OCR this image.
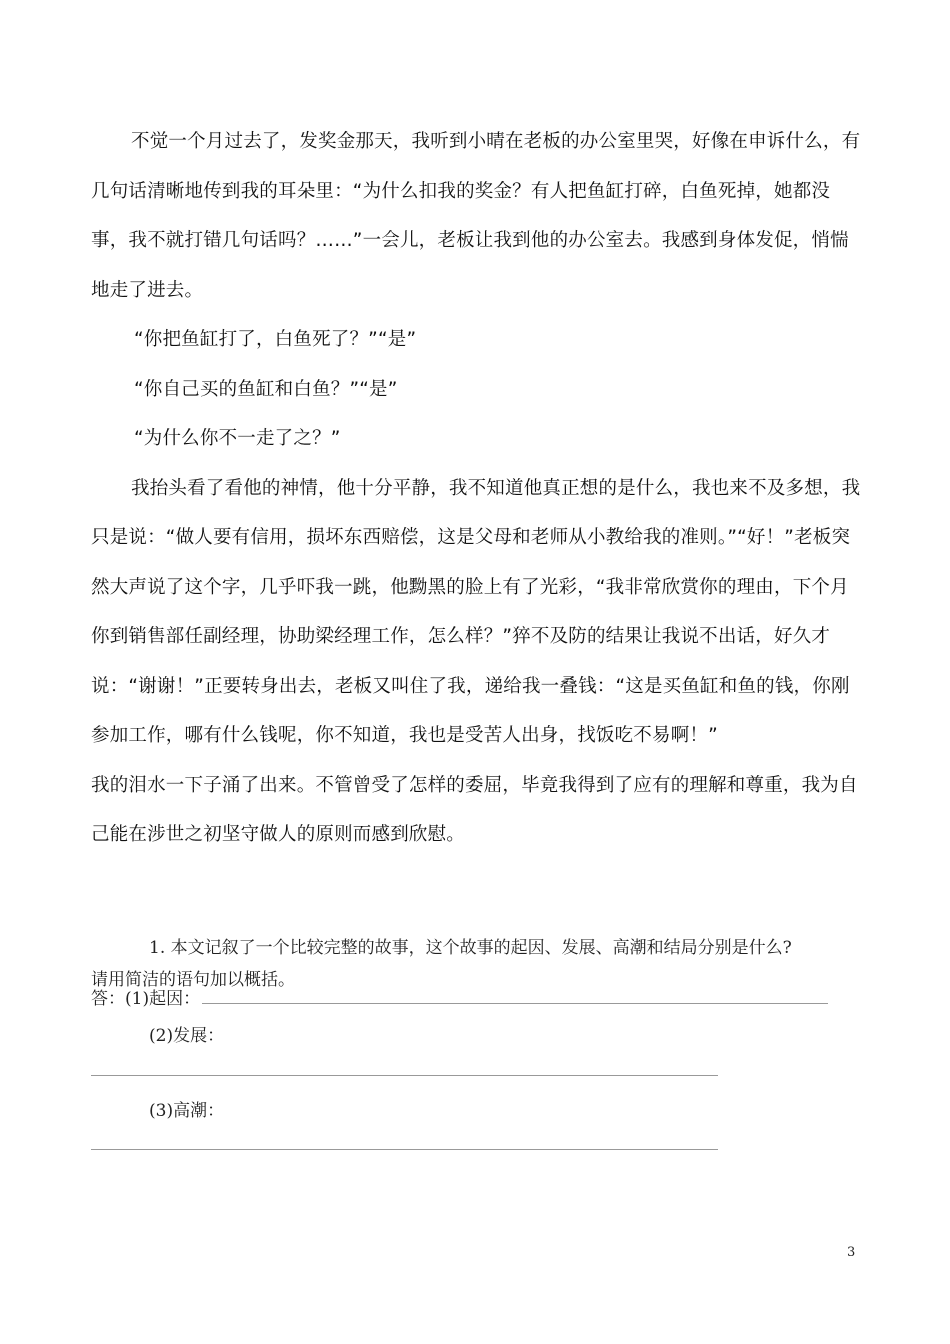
不觉一个月过去了，发奖金那天，我听到小晴在老板的办公室里哭，好像在申诉什么，有几句话清晰地传到我的耳朵里：“为什么扣我的奖金？有人把鱼缸打碎，白鱼死掉，她都没事，我不就打错几句话吗？……”一会儿，老板让我到他的办公室去。我感到身体发促，悄惴地走了进去。

“你把鱼缸打了，白鱼死了？”“是”

“你自己买的鱼缸和白鱼？”“是”

“为什么你不一走了之？”

我抬头看了看他的神情，他十分平静，我不知道他真正想的是什么，我也来不及多想，我只是说：“做人要有信用，损坏东西赔偿，这是父母和老师从小教给我的准则。”“好！”老板突然大声说了这个字，几乎吓我一跳，他黝黑的脸上有了光彩，“我非常欣赏你的理由，下个月你到销售部任副经理，协助梁经理工作，怎么样？”猝不及防的结果让我说不出话，好久才说：“谢谢！”正要转身出去，老板又叫住了我，递给我一叠钱：“这是买鱼缸和鱼的钱，你刚参加工作，哪有什么钱呢，你不知道，我也是受苦人出身，找饭吃不易啊！”

我的泪水一下子涌了出来。不管曾受了怎样的委屈，毕竟我得到了应有的理解和尊重，我为自己能在涉世之初坚守做人的原则而感到欣慰。

1. 本文记叙了一个比较完整的故事，这个故事的起因、发展、高潮和结局分别是什么?
请用简洁的语句加以概括。
答：(1)起因：
(2)发展：
(3)高潮：
3
